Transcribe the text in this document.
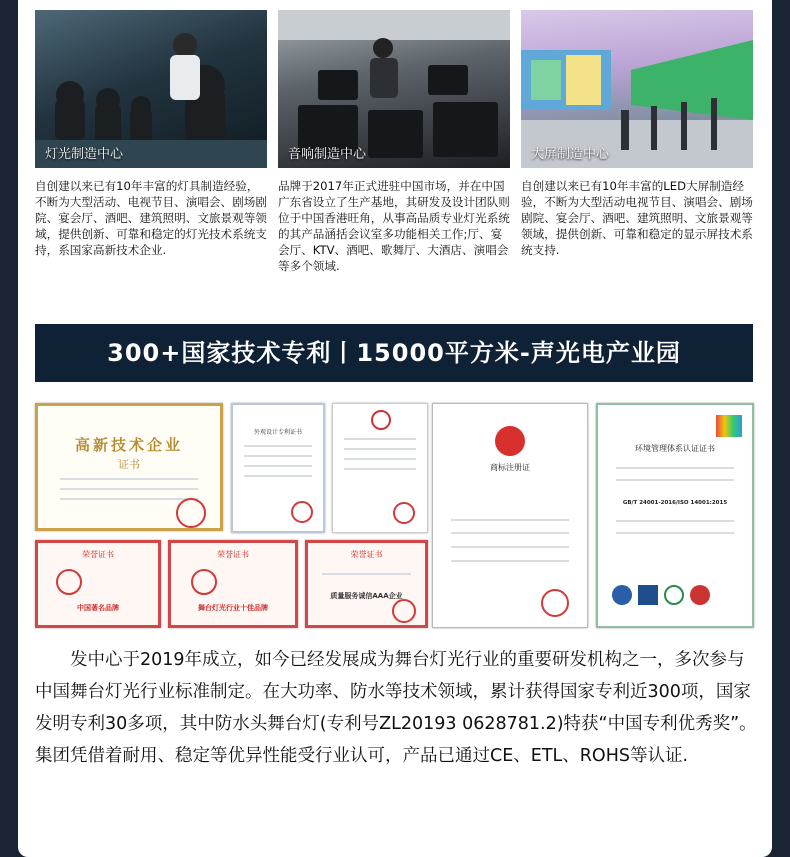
灯光制造中心	音响制造中心	大屏制造中心
自创建以来已有10年丰富的灯具制造经验，不断为大型活动、电视节目、演唱会、剧场剧院、宴会厅、酒吧、建筑照明、文旅景观等领域，提供创新、可靠和稳定的灯光技术系统支持，系国家高新技术企业.
品牌于2017年正式进驻中国市场，并在中国广东省设立了生产基地，其研发及设计团队则位于中国香港旺角，从事高品质专业灯光系统的其产品涵括会议室多功能相关工作;厅、宴会厅、KTV、酒吧、歌舞厅、大酒店、演唱会等多个领域.
自创建以来已有10年丰富的LED大屏制造经验，不断为大型活动电视节目、演唱会、剧场剧院、宴会厅、酒吧、建筑照明、文旅景观等领域，提供创新、可靠和稳定的显示屏技术系统支持.
300+国家技术专利丨15000平方米-声光电产业园
高新技术企业
证书
外观设计专利证书
商标注册证
环境管理体系认证证书
GB/T 24001-2016/ISO 14001:2015
荣誉证书
中国著名品牌
荣誉证书
舞台灯光行业十佳品牌
荣誉证书
质量服务诚信AAA企业
发中心于2019年成立，如今已经发展成为舞台灯光行业的重要研发机构之一，多次参与中国舞台灯光行业标准制定。在大功率、防水等技术领域，累计获得国家专利近300项，国家发明专利30多项，其中防水头舞台灯(专利号ZL20193 0628781.2)特获“中国专利优秀奖”。集团凭借着耐用、稳定等优异性能受行业认可，产品已通过CE、ETL、ROHS等认证.
